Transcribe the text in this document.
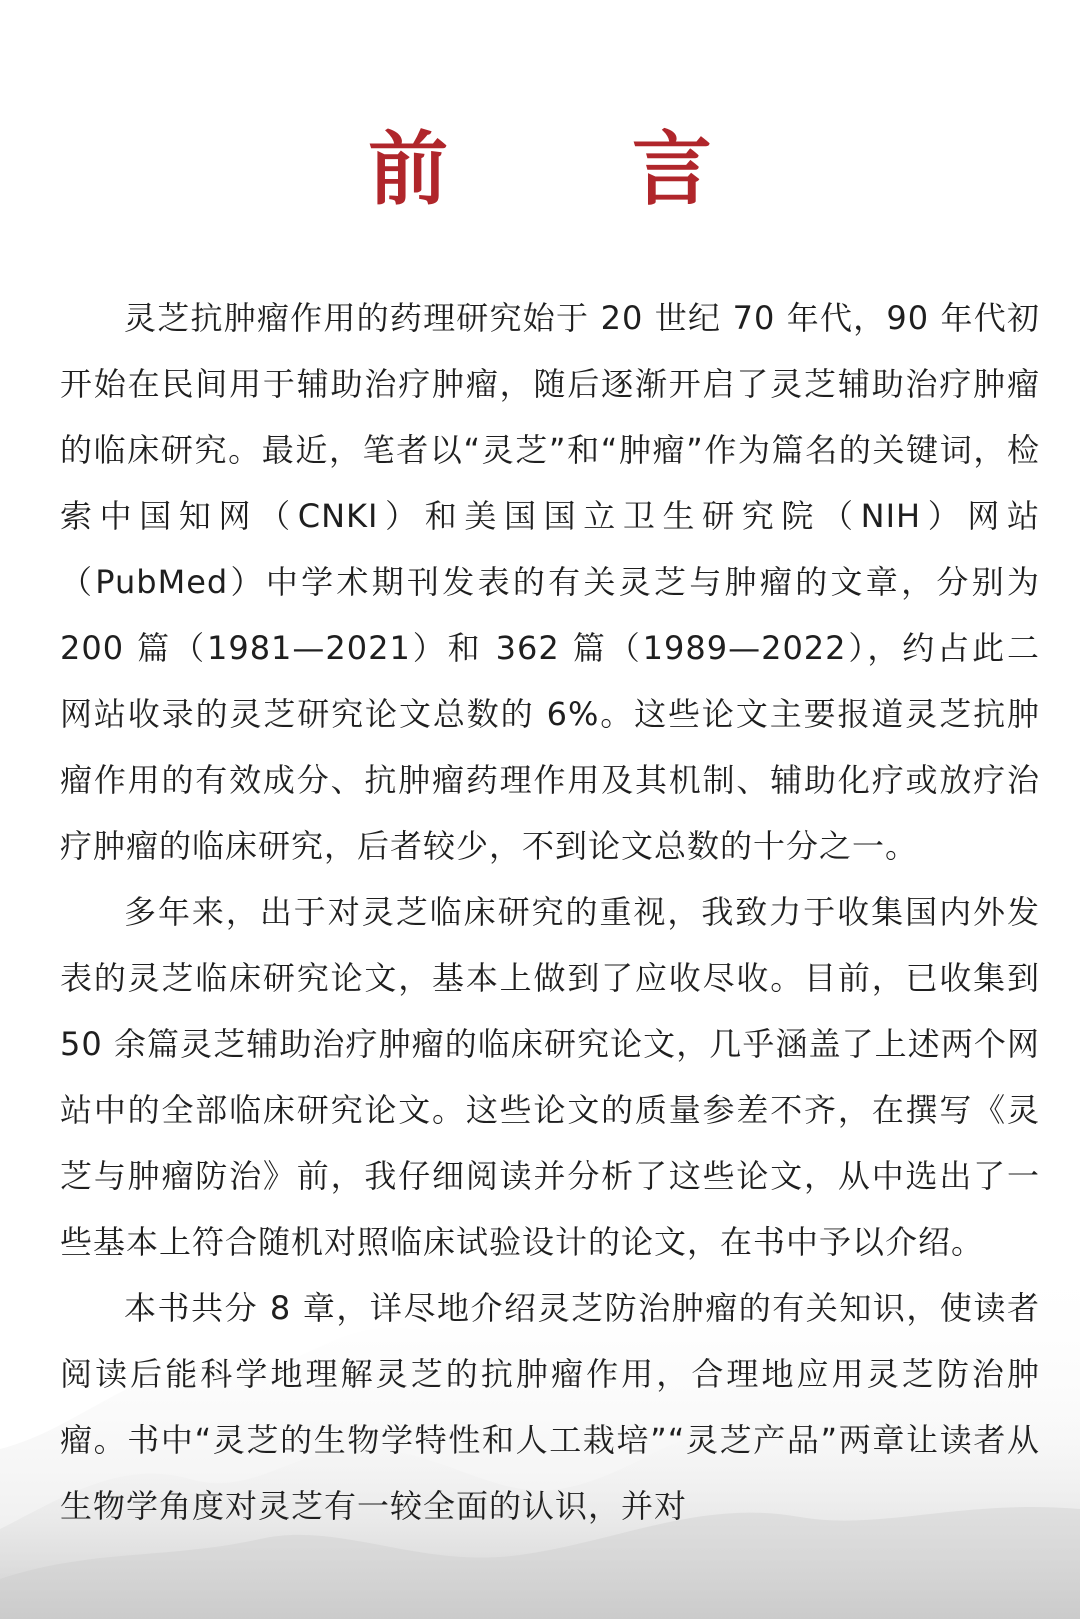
前 言

灵芝抗肿瘤作用的药理研究始于 20 世纪 70 年代，90 年代初开始在民间用于辅助治疗肿瘤，随后逐渐开启了灵芝辅助治疗肿瘤的临床研究。最近，笔者以“灵芝”和“肿瘤”作为篇名的关键词，检索中国知网（CNKI）和美国国立卫生研究院（NIH）网站（PubMed）中学术期刊发表的有关灵芝与肿瘤的文章，分别为 200 篇（1981—2021）和 362 篇（1989—2022），约占此二网站收录的灵芝研究论文总数的 6%。这些论文主要报道灵芝抗肿瘤作用的有效成分、抗肿瘤药理作用及其机制、辅助化疗或放疗治疗肿瘤的临床研究，后者较少，不到论文总数的十分之一。

多年来，出于对灵芝临床研究的重视，我致力于收集国内外发表的灵芝临床研究论文，基本上做到了应收尽收。目前，已收集到 50 余篇灵芝辅助治疗肿瘤的临床研究论文，几乎涵盖了上述两个网站中的全部临床研究论文。这些论文的质量参差不齐，在撰写《灵芝与肿瘤防治》前，我仔细阅读并分析了这些论文，从中选出了一些基本上符合随机对照临床试验设计的论文，在书中予以介绍。

本书共分 8 章，详尽地介绍灵芝防治肿瘤的有关知识，使读者阅读后能科学地理解灵芝的抗肿瘤作用，合理地应用灵芝防治肿瘤。书中“灵芝的生物学特性和人工栽培”“灵芝产品”两章让读者从生物学角度对灵芝有一较全面的认识，并对
